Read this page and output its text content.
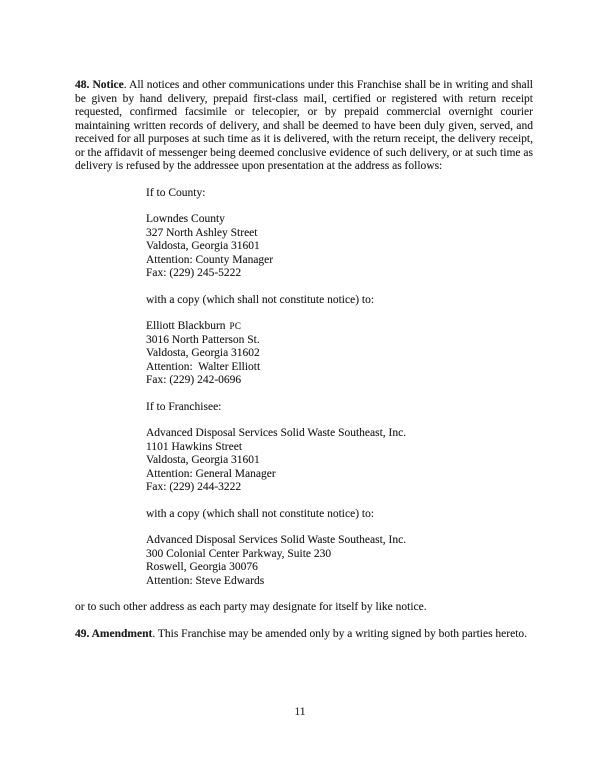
48. Notice. All notices and other communications under this Franchise shall be in writing and shall be given by hand delivery, prepaid first-class mail, certified or registered with return receipt requested, confirmed facsimile or telecopier, or by prepaid commercial overnight courier maintaining written records of delivery, and shall be deemed to have been duly given, served, and received for all purposes at such time as it is delivered, with the return receipt, the delivery receipt, or the affidavit of messenger being deemed conclusive evidence of such delivery, or at such time as delivery is refused by the addressee upon presentation at the address as follows:

If to County:
Lowndes County
327 North Ashley Street
Valdosta, Georgia 31601
Attention: County Manager
Fax: (229) 245-5222
with a copy (which shall not constitute notice) to:
Elliott Blackburn PC
3016 North Patterson St.
Valdosta, Georgia 31602
Attention:  Walter Elliott
Fax: (229) 242-0696
If to Franchisee:
Advanced Disposal Services Solid Waste Southeast, Inc.
1101 Hawkins Street
Valdosta, Georgia 31601
Attention: General Manager
Fax: (229) 244-3222
with a copy (which shall not constitute notice) to:
Advanced Disposal Services Solid Waste Southeast, Inc.
300 Colonial Center Parkway, Suite 230
Roswell, Georgia 30076
Attention: Steve Edwards
or to such other address as each party may designate for itself by like notice.

49. Amendment. This Franchise may be amended only by a writing signed by both parties hereto.

11
